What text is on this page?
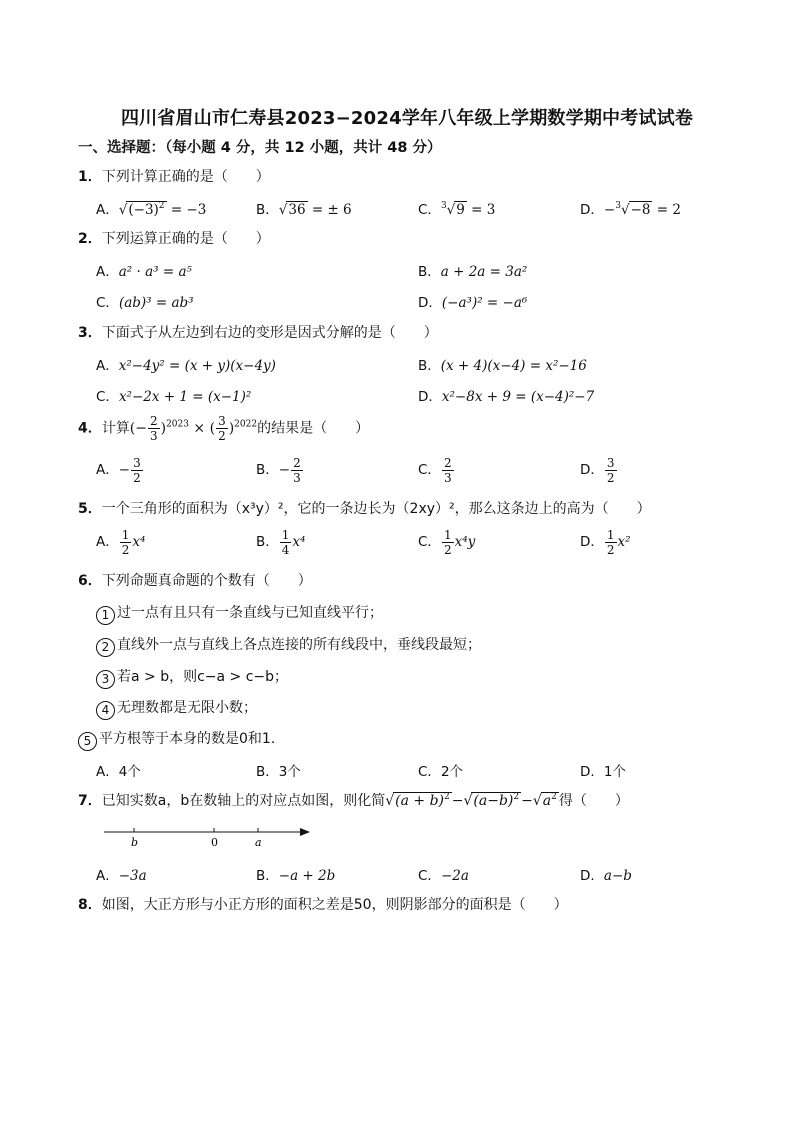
四川省眉山市仁寿县2023−2024学年八年级上学期数学期中考试试卷
一、选择题：（每小题 4 分，共 12 小题，共计 48 分）
1．下列计算正确的是（　　）
A．$√(-3)^2 = -3$	B．√36 = ± 6	C．$^3$√9 = 3	D．−$^3$√−8 = 2
2．下列运算正确的是（　　）
A．a² · a³ = a⁵	B．a + 2a = 3a²
C．(ab)³ = ab³	D．(−a³)² = −a⁶
3．下面式子从左边到右边的变形是因式分解的是（　　）
A．x²−4y² = (x + y)(x−4y)	B．(x + 4)(x−4) = x²−16
C．x²−2x + 1 = (x−1)²	D．x²−8x + 9 = (x−4)²−7
4．计算(− $\frac{2}{3} )^{2023}$ × ( $\frac{3}{2} )^{2022}$的结果是（　　）
A．− $\frac{3}{2}$	B．− $\frac{2}{3}$	C． $\frac{2}{3}$	D． $\frac{3}{2}$
5．一个三角形的面积为（x³y）²，它的一条边长为（2xy）²，那么这条边上的高为（　　）
A． $\frac{1}{2} x^4$	B． $\frac{1}{4} x^4$	C． $\frac{1}{2} x^4y$	D． $\frac{1}{2} x^2$
6．下列命题真命题的个数有（　　）
1 过一点有且只有一条直线与已知直线平行；
2 直线外一点与直线上各点连接的所有线段中，垂线段最短；
3 若a > b，则c−a > c−b；
4 无理数都是无限小数；
5 平方根等于本身的数是0和1.
A．4个	B．3个	C．2个	D．1个
7．已知实数a，b在数轴上的对应点如图，则化简$√(a + b)^2 -√(a-b)^2 -√a^2$ 得（　　）
b	0	a
A．−3a	B．−a + 2b	C．−2a	D．a−b
8．如图，大正方形与小正方形的面积之差是50，则阴影部分的面积是（　　）
